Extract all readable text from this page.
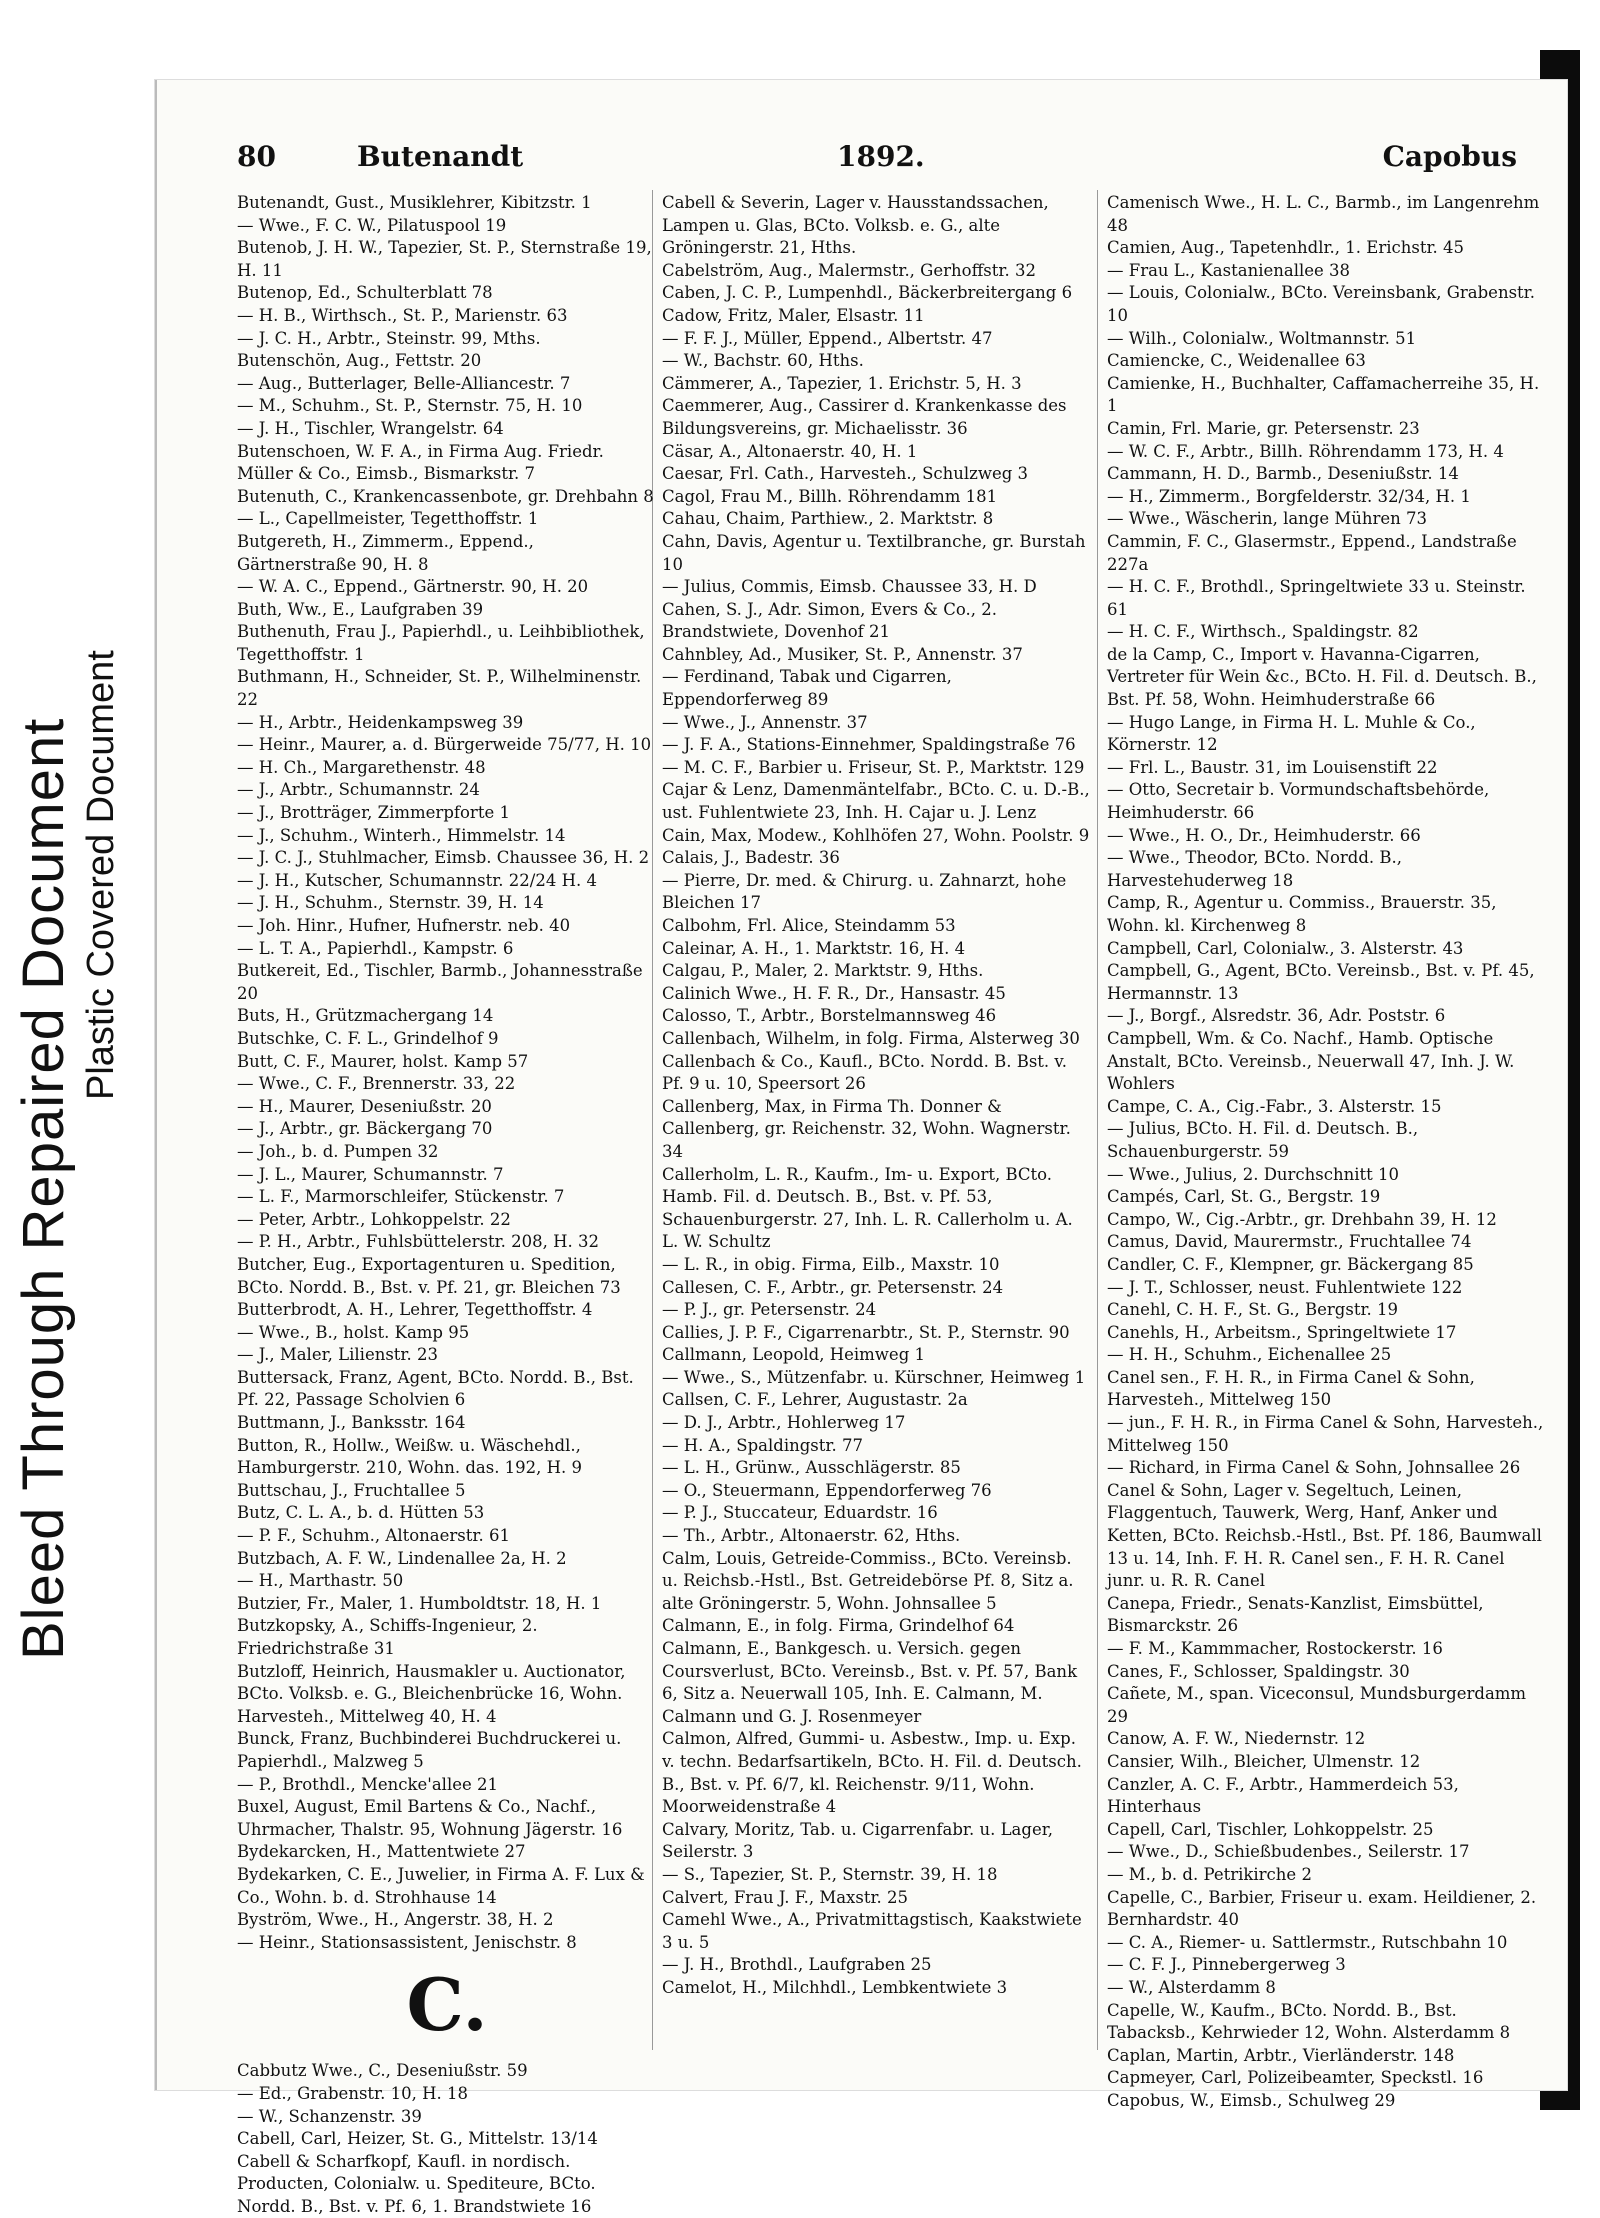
Bleed Through Repaired Document Plastic Covered Document
80	Butenandt	1892.	Capobus

Butenandt, Gust., Musiklehrer, Kibitzstr. 1

— Wwe., F. C. W., Pilatuspool 19

Butenob, J. H. W., Tapezier, St. P., Sternstraße 19, H. 11

Butenop, Ed., Schulterblatt 78

— H. B., Wirthsch., St. P., Marienstr. 63

— J. C. H., Arbtr., Steinstr. 99, Mths.

Butenschön, Aug., Fettstr. 20

— Aug., Butterlager, Belle-Alliancestr. 7

— M., Schuhm., St. P., Sternstr. 75, H. 10

— J. H., Tischler, Wrangelstr. 64

Butenschoen, W. F. A., in Firma Aug. Friedr. Müller & Co., Eimsb., Bismarkstr. 7

Butenuth, C., Krankencassenbote, gr. Drehbahn 8

— L., Capellmeister, Tegetthoffstr. 1

Butgereth, H., Zimmerm., Eppend., Gärtnerstraße 90, H. 8

— W. A. C., Eppend., Gärtnerstr. 90, H. 20

Buth, Ww., E., Laufgraben 39

Buthenuth, Frau J., Papierhdl., u. Leihbibliothek, Tegetthoffstr. 1

Buthmann, H., Schneider, St. P., Wilhelminenstr. 22

— H., Arbtr., Heidenkampsweg 39

— Heinr., Maurer, a. d. Bürgerweide 75/77, H. 10

— H. Ch., Margarethenstr. 48

— J., Arbtr., Schumannstr. 24

— J., Brotträger, Zimmerpforte 1

— J., Schuhm., Winterh., Himmelstr. 14

— J. C. J., Stuhlmacher, Eimsb. Chaussee 36, H. 2

— J. H., Kutscher, Schumannstr. 22/24 H. 4

— J. H., Schuhm., Sternstr. 39, H. 14

— Joh. Hinr., Hufner, Hufnerstr. neb. 40

— L. T. A., Papierhdl., Kampstr. 6

Butkereit, Ed., Tischler, Barmb., Johannesstraße 20

Buts, H., Grützmachergang 14

Butschke, C. F. L., Grindelhof 9

Butt, C. F., Maurer, holst. Kamp 57

— Wwe., C. F., Brennerstr. 33, 22

— H., Maurer, Deseniußstr. 20

— J., Arbtr., gr. Bäckergang 70

— Joh., b. d. Pumpen 32

— J. L., Maurer, Schumannstr. 7

— L. F., Marmorschleifer, Stückenstr. 7

— Peter, Arbtr., Lohkoppelstr. 22

— P. H., Arbtr., Fuhlsbüttelerstr. 208, H. 32

Butcher, Eug., Exportagenturen u. Spedition, BCto. Nordd. B., Bst. v. Pf. 21, gr. Bleichen 73

Butterbrodt, A. H., Lehrer, Tegetthoffstr. 4

— Wwe., B., holst. Kamp 95

— J., Maler, Lilienstr. 23

Buttersack, Franz, Agent, BCto. Nordd. B., Bst. Pf. 22, Passage Scholvien 6

Buttmann, J., Banksstr. 164

Button, R., Hollw., Weißw. u. Wäschehdl., Hamburgerstr. 210, Wohn. das. 192, H. 9

Buttschau, J., Fruchtallee 5

Butz, C. L. A., b. d. Hütten 53

— P. F., Schuhm., Altonaerstr. 61

Butzbach, A. F. W., Lindenallee 2a, H. 2

— H., Marthastr. 50

Butzier, Fr., Maler, 1. Humboldtstr. 18, H. 1

Butzkopsky, A., Schiffs-Ingenieur, 2. Friedrichstraße 31

Butzloff, Heinrich, Hausmakler u. Auctionator, BCto. Volksb. e. G., Bleichenbrücke 16, Wohn. Harvesteh., Mittelweg 40, H. 4

Bunck, Franz, Buchbinderei Buchdruckerei u. Papierhdl., Malzweg 5

— P., Brothdl., Mencke'allee 21

Buxel, August, Emil Bartens & Co., Nachf., Uhrmacher, Thalstr. 95, Wohnung Jägerstr. 16

Bydekarcken, H., Mattentwiete 27

Bydekarken, C. E., Juwelier, in Firma A. F. Lux & Co., Wohn. b. d. Strohhause 14

Byström, Wwe., H., Angerstr. 38, H. 2

— Heinr., Stationsassistent, Jenischstr. 8

C.

Cabbutz Wwe., C., Deseniußstr. 59

— Ed., Grabenstr. 10, H. 18

— W., Schanzenstr. 39

Cabell, Carl, Heizer, St. G., Mittelstr. 13/14

Cabell & Scharfkopf, Kaufl. in nordisch. Producten, Colonialw. u. Spediteure, BCto. Nordd. B., Bst. v. Pf. 6, 1. Brandstwiete 16

Cabell & Severin, Lager v. Hausstandssachen, Lampen u. Glas, BCto. Volksb. e. G., alte Gröningerstr. 21, Hths.

Cabelström, Aug., Malermstr., Gerhoffstr. 32

Caben, J. C. P., Lumpenhdl., Bäckerbreitergang 6

Cadow, Fritz, Maler, Elsastr. 11

— F. F. J., Müller, Eppend., Albertstr. 47

— W., Bachstr. 60, Hths.

Cämmerer, A., Tapezier, 1. Erichstr. 5, H. 3

Caemmerer, Aug., Cassirer d. Krankenkasse des Bildungsvereins, gr. Michaelisstr. 36

Cäsar, A., Altonaerstr. 40, H. 1

Caesar, Frl. Cath., Harvesteh., Schulzweg 3

Cagol, Frau M., Billh. Röhrendamm 181

Cahau, Chaim, Parthiew., 2. Marktstr. 8

Cahn, Davis, Agentur u. Textilbranche, gr. Burstah 10

— Julius, Commis, Eimsb. Chaussee 33, H. D

Cahen, S. J., Adr. Simon, Evers & Co., 2. Brandstwiete, Dovenhof 21

Cahnbley, Ad., Musiker, St. P., Annenstr. 37

— Ferdinand, Tabak und Cigarren, Eppendorferweg 89

— Wwe., J., Annenstr. 37

— J. F. A., Stations-Einnehmer, Spaldingstraße 76

— M. C. F., Barbier u. Friseur, St. P., Marktstr. 129

Cajar & Lenz, Damenmäntelfabr., BCto. C. u. D.-B., ust. Fuhlentwiete 23, Inh. H. Cajar u. J. Lenz

Cain, Max, Modew., Kohlhöfen 27, Wohn. Poolstr. 9

Calais, J., Badestr. 36

— Pierre, Dr. med. & Chirurg. u. Zahnarzt, hohe Bleichen 17

Calbohm, Frl. Alice, Steindamm 53

Caleinar, A. H., 1. Marktstr. 16, H. 4

Calgau, P., Maler, 2. Marktstr. 9, Hths.

Calinich Wwe., H. F. R., Dr., Hansastr. 45

Calosso, T., Arbtr., Borstelmannsweg 46

Callenbach, Wilhelm, in folg. Firma, Alsterweg 30

Callenbach & Co., Kaufl., BCto. Nordd. B. Bst. v. Pf. 9 u. 10, Speersort 26

Callenberg, Max, in Firma Th. Donner & Callenberg, gr. Reichenstr. 32, Wohn. Wagnerstr. 34

Callerholm, L. R., Kaufm., Im- u. Export, BCto. Hamb. Fil. d. Deutsch. B., Bst. v. Pf. 53, Schauenburgerstr. 27, Inh. L. R. Callerholm u. A. L. W. Schultz

— L. R., in obig. Firma, Eilb., Maxstr. 10

Callesen, C. F., Arbtr., gr. Petersenstr. 24

— P. J., gr. Petersenstr. 24

Callies, J. P. F., Cigarrenarbtr., St. P., Sternstr. 90

Callmann, Leopold, Heimweg 1

— Wwe., S., Mützenfabr. u. Kürschner, Heimweg 1

Callsen, C. F., Lehrer, Augustastr. 2a

— D. J., Arbtr., Hohlerweg 17

— H. A., Spaldingstr. 77

— L. H., Grünw., Ausschlägerstr. 85

— O., Steuermann, Eppendorferweg 76

— P. J., Stuccateur, Eduardstr. 16

— Th., Arbtr., Altonaerstr. 62, Hths.

Calm, Louis, Getreide-Commiss., BCto. Vereinsb. u. Reichsb.-Hstl., Bst. Getreidebörse Pf. 8, Sitz a. alte Gröningerstr. 5, Wohn. Johnsallee 5

Calmann, E., in folg. Firma, Grindelhof 64

Calmann, E., Bankgesch. u. Versich. gegen Coursverlust, BCto. Vereinsb., Bst. v. Pf. 57, Bank 6, Sitz a. Neuerwall 105, Inh. E. Calmann, M. Calmann und G. J. Rosenmeyer

Calmon, Alfred, Gummi- u. Asbestw., Imp. u. Exp. v. techn. Bedarfsartikeln, BCto. H. Fil. d. Deutsch. B., Bst. v. Pf. 6/7, kl. Reichenstr. 9/11, Wohn. Moorweidenstraße 4

Calvary, Moritz, Tab. u. Cigarrenfabr. u. Lager, Seilerstr. 3

— S., Tapezier, St. P., Sternstr. 39, H. 18

Calvert, Frau J. F., Maxstr. 25

Camehl Wwe., A., Privatmittagstisch, Kaakstwiete 3 u. 5

— J. H., Brothdl., Laufgraben 25

Camelot, H., Milchhdl., Lembkentwiete 3

Camenisch Wwe., H. L. C., Barmb., im Langenrehm 48

Camien, Aug., Tapetenhdlr., 1. Erichstr. 45

— Frau L., Kastanienallee 38

— Louis, Colonialw., BCto. Vereinsbank, Grabenstr. 10

— Wilh., Colonialw., Woltmannstr. 51

Camiencke, C., Weidenallee 63

Camienke, H., Buchhalter, Caffamacherreihe 35, H. 1

Camin, Frl. Marie, gr. Petersenstr. 23

— W. C. F., Arbtr., Billh. Röhrendamm 173, H. 4

Cammann, H. D., Barmb., Deseniußstr. 14

— H., Zimmerm., Borgfelderstr. 32/34, H. 1

— Wwe., Wäscherin, lange Mühren 73

Cammin, F. C., Glasermstr., Eppend., Landstraße 227a

— H. C. F., Brothdl., Springeltwiete 33 u. Steinstr. 61

— H. C. F., Wirthsch., Spaldingstr. 82

de la Camp, C., Import v. Havanna-Cigarren, Vertreter für Wein &c., BCto. H. Fil. d. Deutsch. B., Bst. Pf. 58, Wohn. Heimhuderstraße 66

— Hugo Lange, in Firma H. L. Muhle & Co., Körnerstr. 12

— Frl. L., Baustr. 31, im Louisenstift 22

— Otto, Secretair b. Vormundschaftsbehörde, Heimhuderstr. 66

— Wwe., H. O., Dr., Heimhuderstr. 66

— Wwe., Theodor, BCto. Nordd. B., Harvestehuderweg 18

Camp, R., Agentur u. Commiss., Brauerstr. 35, Wohn. kl. Kirchenweg 8

Campbell, Carl, Colonialw., 3. Alsterstr. 43

Campbell, G., Agent, BCto. Vereinsb., Bst. v. Pf. 45, Hermannstr. 13

— J., Borgf., Alsredstr. 36, Adr. Poststr. 6

Campbell, Wm. & Co. Nachf., Hamb. Optische Anstalt, BCto. Vereinsb., Neuerwall 47, Inh. J. W. Wohlers

Campe, C. A., Cig.-Fabr., 3. Alsterstr. 15

— Julius, BCto. H. Fil. d. Deutsch. B., Schauenburgerstr. 59

— Wwe., Julius, 2. Durchschnitt 10

Campés, Carl, St. G., Bergstr. 19

Campo, W., Cig.-Arbtr., gr. Drehbahn 39, H. 12

Camus, David, Maurermstr., Fruchtallee 74

Candler, C. F., Klempner, gr. Bäckergang 85

— J. T., Schlosser, neust. Fuhlentwiete 122

Canehl, C. H. F., St. G., Bergstr. 19

Canehls, H., Arbeitsm., Springeltwiete 17

— H. H., Schuhm., Eichenallee 25

Canel sen., F. H. R., in Firma Canel & Sohn, Harvesteh., Mittelweg 150

— jun., F. H. R., in Firma Canel & Sohn, Harvesteh., Mittelweg 150

— Richard, in Firma Canel & Sohn, Johnsallee 26

Canel & Sohn, Lager v. Segeltuch, Leinen, Flaggentuch, Tauwerk, Werg, Hanf, Anker und Ketten, BCto. Reichsb.-Hstl., Bst. Pf. 186, Baumwall 13 u. 14, Inh. F. H. R. Canel sen., F. H. R. Canel junr. u. R. R. Canel

Canepa, Friedr., Senats-Kanzlist, Eimsbüttel, Bismarckstr. 26

— F. M., Kammmacher, Rostockerstr. 16

Canes, F., Schlosser, Spaldingstr. 30

Cañete, M., span. Viceconsul, Mundsburgerdamm 29

Canow, A. F. W., Niedernstr. 12

Cansier, Wilh., Bleicher, Ulmenstr. 12

Canzler, A. C. F., Arbtr., Hammerdeich 53, Hinterhaus

Capell, Carl, Tischler, Lohkoppelstr. 25

— Wwe., D., Schießbudenbes., Seilerstr. 17

— M., b. d. Petrikirche 2

Capelle, C., Barbier, Friseur u. exam. Heildiener, 2. Bernhardstr. 40

— C. A., Riemer- u. Sattlermstr., Rutschbahn 10

— C. F. J., Pinnebergerweg 3

— W., Alsterdamm 8

Capelle, W., Kaufm., BCto. Nordd. B., Bst. Tabacksb., Kehrwieder 12, Wohn. Alsterdamm 8

Caplan, Martin, Arbtr., Vierländerstr. 148

Capmeyer, Carl, Polizeibeamter, Speckstl. 16

Capobus, W., Eimsb., Schulweg 29
